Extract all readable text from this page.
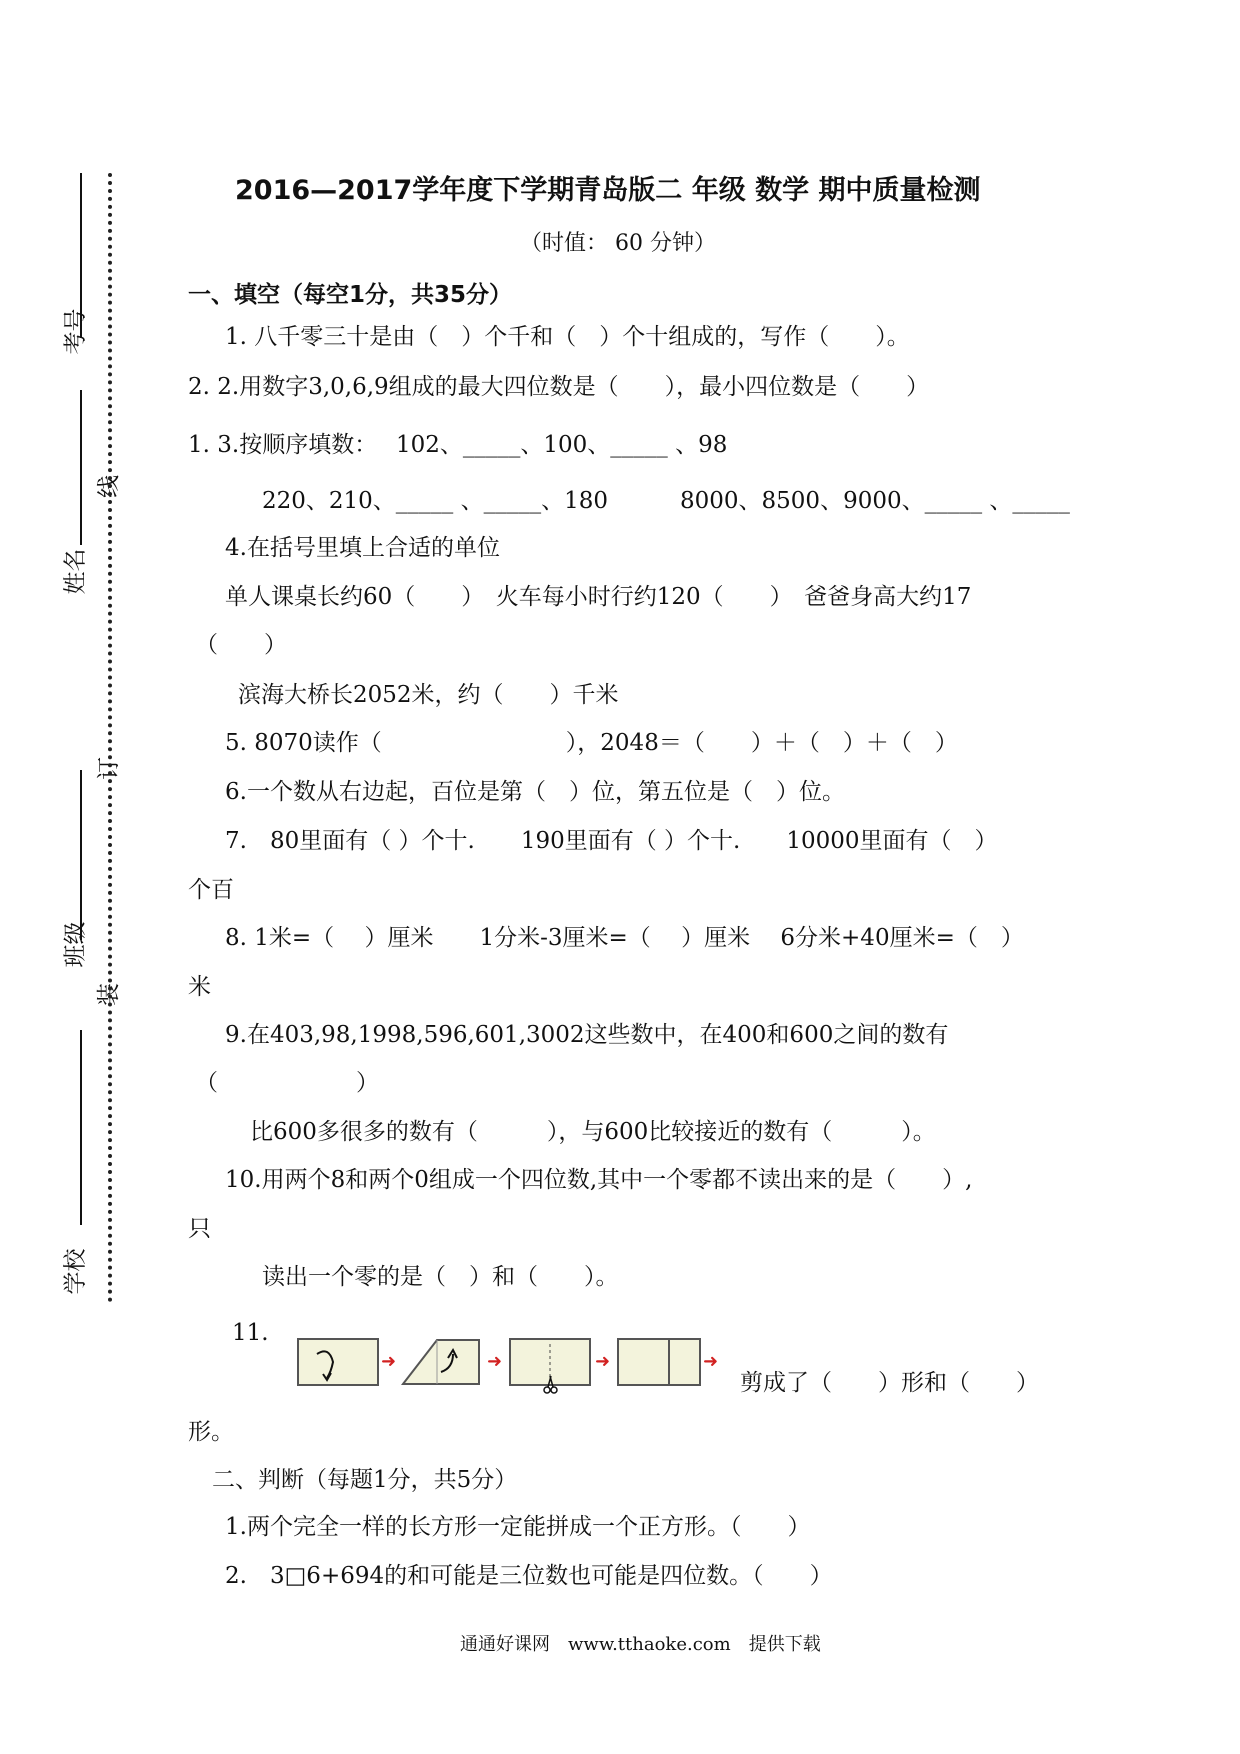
考号
线
姓名
订
班级
装
学校
2016—2017学年度下学期青岛版二 年级 数学 期中质量检测
（时值： 60 分钟）
一、填空（每空1分，共35分）
1. 八千零三十是由（　）个千和（　）个十组成的，写作（　　）。
2. 2.用数字3,0,6,9组成的最大四位数是（　　），最小四位数是（　　）
1. 3.按顺序填数：　 102、_____、100、_____ 、98
220、210、_____ 、_____、180	8000、8500、9000、_____ 、_____
4.在括号里填上合适的单位
单人课桌长约60（　　）　火车每小时行约120（　　）　爸爸身高大约17
（　　）
滨海大桥长2052米，约（　　）千米
5. 8070读作（　　　　　　　　），2048＝（　　）＋（　）＋（　）
6.一个数从右边起，百位是第（　）位，第五位是（　）位。
7.　80里面有（ ）个十.　　190里面有（ ）个十.　　10000里面有（　）
个百
8. 1米=（　 ）厘米　　1分米-3厘米=（　 ）厘米　 6分米+40厘米=（　）
米
9.在403,98,1998,596,601,3002这些数中，在400和600之间的数有
（　　　　　　）
比600多很多的数有（　　　），与600比较接近的数有（　　　）。
10.用两个8和两个0组成一个四位数,其中一个零都不读出来的是（　　）,
只
读出一个零的是（　）和（　　）。
11.
➜	➜	➜	➜
剪成了（　　）形和（　　）
形。
二、判断（每题1分，共5分）
1.两个完全一样的长方形一定能拼成一个正方形。（　　）
2.　3□6+694的和可能是三位数也可能是四位数。（　　）
通通好课网　www.tthaoke.com　提供下载
